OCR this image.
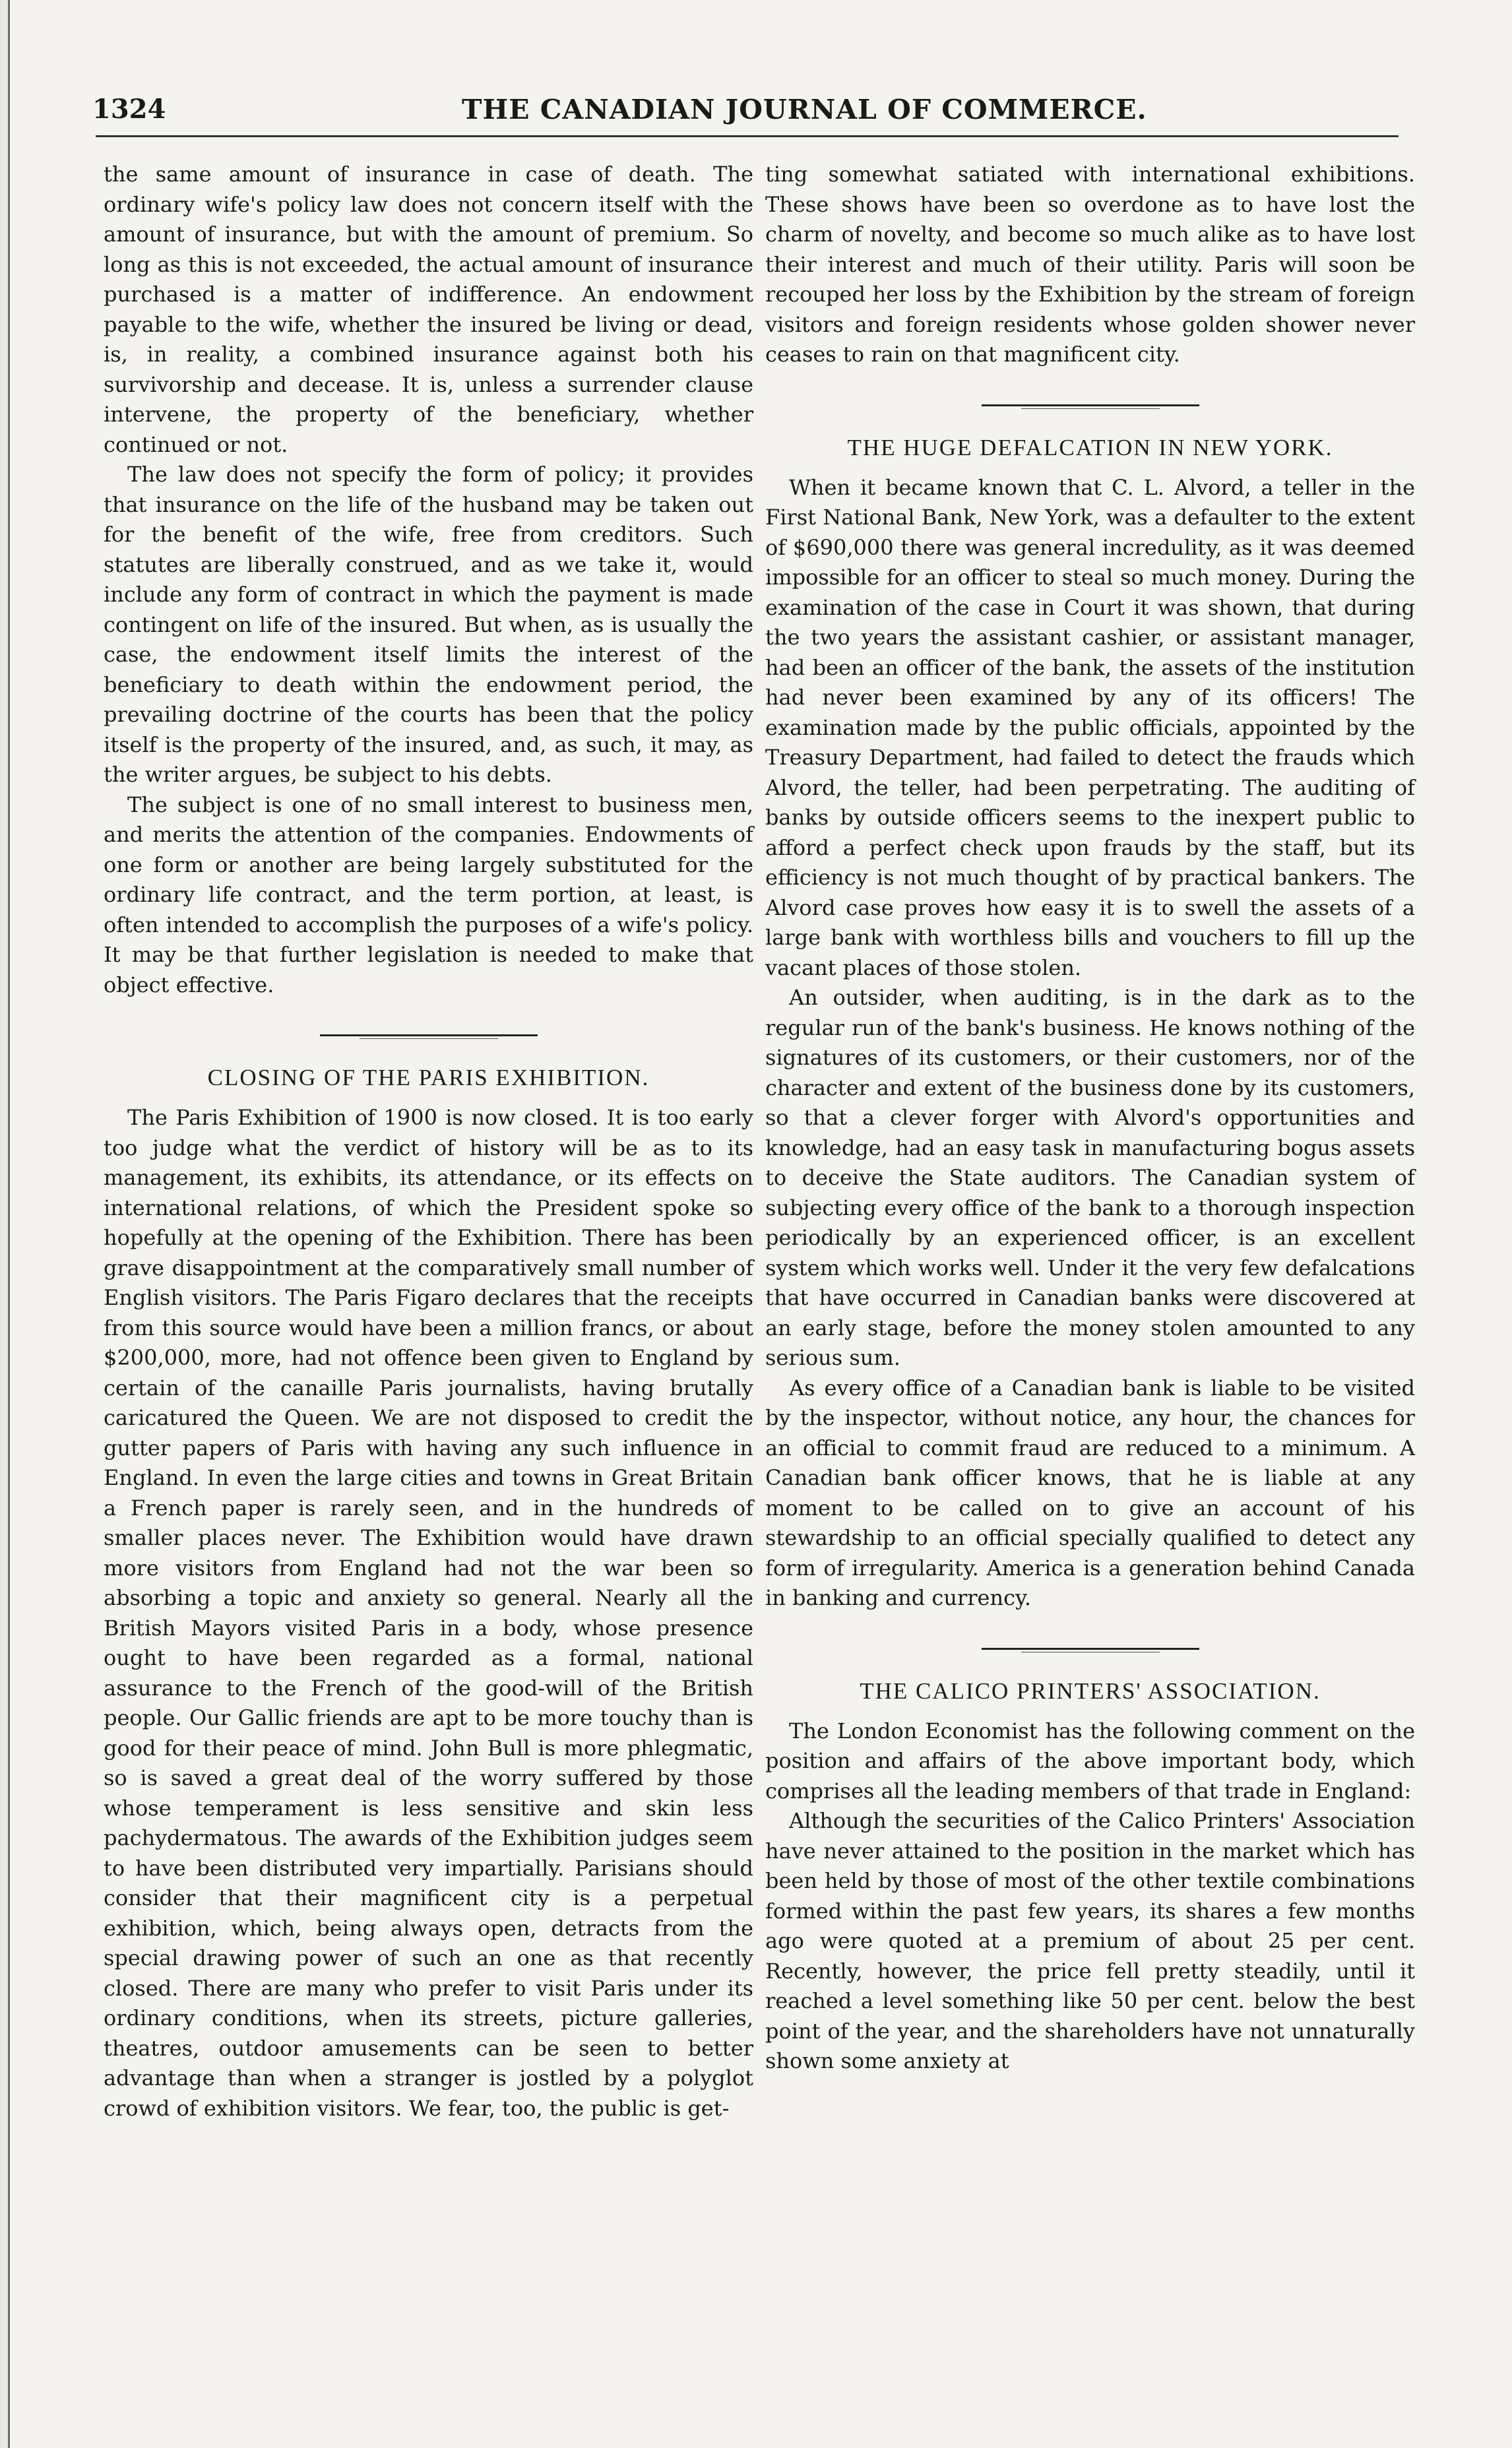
1324	THE CANADIAN JOURNAL OF COMMERCE.

the same amount of insurance in case of death. The ordinary wife's policy law does not concern itself with the amount of insurance, but with the amount of premium. So long as this is not exceeded, the actual amount of insurance purchased is a matter of indifference. An endowment payable to the wife, whether the insured be living or dead, is, in reality, a combined insurance against both his survivorship and decease. It is, unless a surrender clause intervene, the property of the beneficiary, whether continued or not.

The law does not specify the form of policy; it provides that insurance on the life of the husband may be taken out for the benefit of the wife, free from creditors. Such statutes are liberally construed, and as we take it, would include any form of contract in which the payment is made contingent on life of the insured. But when, as is usually the case, the endowment itself limits the interest of the beneficiary to death within the endowment period, the prevailing doctrine of the courts has been that the policy itself is the property of the insured, and, as such, it may, as the writer argues, be subject to his debts.

The subject is one of no small interest to business men, and merits the attention of the companies. Endowments of one form or another are being largely substituted for the ordinary life contract, and the term portion, at least, is often intended to accomplish the purposes of a wife's policy. It may be that further legislation is needed to make that object effective.

CLOSING OF THE PARIS EXHIBITION.

The Paris Exhibition of 1900 is now closed. It is too early too judge what the verdict of history will be as to its management, its exhibits, its attendance, or its effects on international relations, of which the President spoke so hopefully at the opening of the Exhibition. There has been grave disappointment at the comparatively small number of English visitors. The Paris Figaro declares that the receipts from this source would have been a million francs, or about $200,000, more, had not offence been given to England by certain of the canaille Paris journalists, having brutally caricatured the Queen. We are not disposed to credit the gutter papers of Paris with having any such influence in England. In even the large cities and towns in Great Britain a French paper is rarely seen, and in the hundreds of smaller places never. The Exhibition would have drawn more visitors from England had not the war been so absorbing a topic and anxiety so general. Nearly all the British Mayors visited Paris in a body, whose presence ought to have been regarded as a formal, national assurance to the French of the good-will of the British people. Our Gallic friends are apt to be more touchy than is good for their peace of mind. John Bull is more phlegmatic, so is saved a great deal of the worry suffered by those whose temperament is less sensitive and skin less pachydermatous. The awards of the Exhibition judges seem to have been distributed very impartially. Parisians should consider that their magnificent city is a perpetual exhibition, which, being always open, detracts from the special drawing power of such an one as that recently closed. There are many who prefer to visit Paris under its ordinary conditions, when its streets, picture galleries, theatres, outdoor amusements can be seen to better advantage than when a stranger is jostled by a polyglot crowd of exhibition visitors. We fear, too, the public is get-

ting somewhat satiated with international exhibitions. These shows have been so overdone as to have lost the charm of novelty, and become so much alike as to have lost their interest and much of their utility. Paris will soon be recouped her loss by the Exhibition by the stream of foreign visitors and foreign residents whose golden shower never ceases to rain on that magnificent city.

THE HUGE DEFALCATION IN NEW YORK.

When it became known that C. L. Alvord, a teller in the First National Bank, New York, was a defaulter to the extent of $690,000 there was general incredulity, as it was deemed impossible for an officer to steal so much money. During the examination of the case in Court it was shown, that during the two years the assistant cashier, or assistant manager, had been an officer of the bank, the assets of the institution had never been examined by any of its officers! The examination made by the public officials, appointed by the Treasury Department, had failed to detect the frauds which Alvord, the teller, had been perpetrating. The auditing of banks by outside officers seems to the inexpert public to afford a perfect check upon frauds by the staff, but its efficiency is not much thought of by practical bankers. The Alvord case proves how easy it is to swell the assets of a large bank with worthless bills and vouchers to fill up the vacant places of those stolen.

An outsider, when auditing, is in the dark as to the regular run of the bank's business. He knows nothing of the signatures of its customers, or their customers, nor of the character and extent of the business done by its customers, so that a clever forger with Alvord's opportunities and knowledge, had an easy task in manufacturing bogus assets to deceive the State auditors. The Canadian system of subjecting every office of the bank to a thorough inspection periodically by an experienced officer, is an excellent system which works well. Under it the very few defalcations that have occurred in Canadian banks were discovered at an early stage, before the money stolen amounted to any serious sum.

As every office of a Canadian bank is liable to be visited by the inspector, without notice, any hour, the chances for an official to commit fraud are reduced to a minimum. A Canadian bank officer knows, that he is liable at any moment to be called on to give an account of his stewardship to an official specially qualified to detect any form of irregularity. America is a generation behind Canada in banking and currency.

THE CALICO PRINTERS' ASSOCIATION.

The London Economist has the following comment on the position and affairs of the above important body, which comprises all the leading members of that trade in England:

Although the securities of the Calico Printers' Association have never attained to the position in the market which has been held by those of most of the other textile combinations formed within the past few years, its shares a few months ago were quoted at a premium of about 25 per cent. Recently, however, the price fell pretty steadily, until it reached a level something like 50 per cent. below the best point of the year, and the shareholders have not unnaturally shown some anxiety at
